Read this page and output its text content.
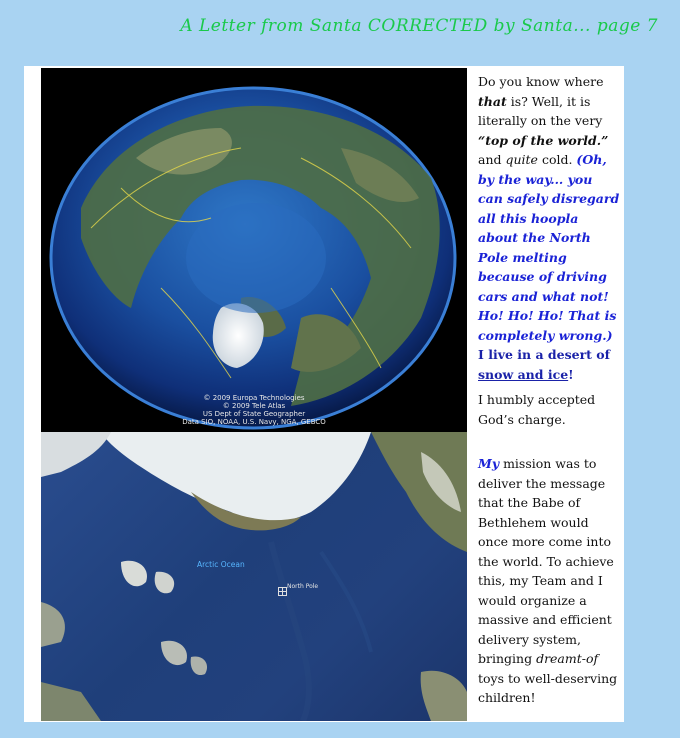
A Letter from Santa CORRECTED by Santa... page 7
© 2009 Europa Technologies
© 2009 Tele Atlas
US Dept of State Geographer
Data SIO, NOAA, U.S. Navy, NGA, GEBCO
Arctic Ocean
North Pole

Do you know where that is? Well, it is literally on the very “top of the world.” and quite cold. (Oh, by the way... you can safely disregard all this hoopla about the North Pole melting because of driving cars and what not! Ho! Ho! Ho! That is completely wrong.) I live in a desert of snow and ice!

I humbly accepted God’s charge.

My mission was to deliver the message that the Babe of Bethlehem would once more come into the world. To achieve this, my Team and I would organize a massive and efficient delivery system, bringing dreamt-of toys to well-deserving children!
